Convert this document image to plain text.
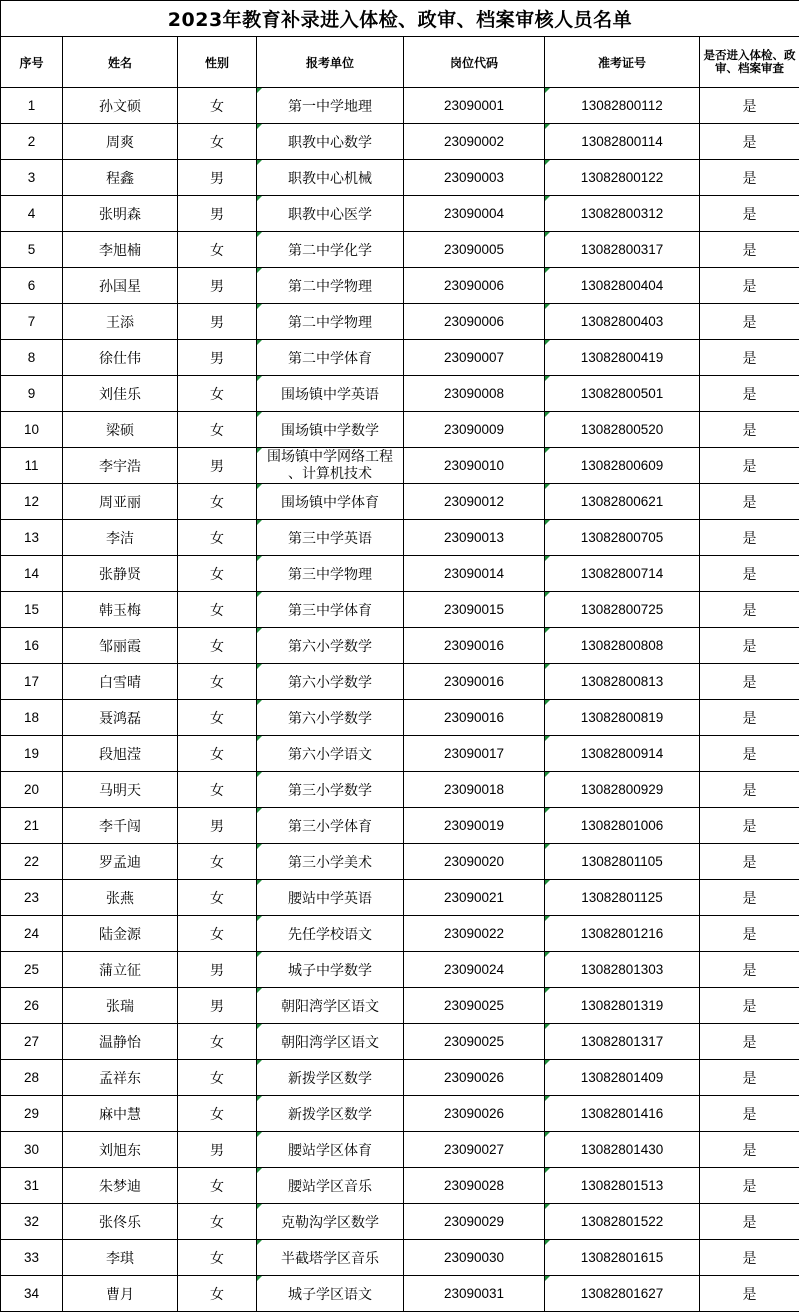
2023年教育补录进入体检、政审、档案审核人员名单						
序号	姓名	性别	报考单位	岗位代码	准考证号	是否进入体检、政审、档案审查
1	孙文硕	女	第一中学地理	23090001	13082800112	是
2	周爽	女	职教中心数学	23090002	13082800114	是
3	程鑫	男	职教中心机械	23090003	13082800122	是
4	张明森	男	职教中心医学	23090004	13082800312	是
5	李旭楠	女	第二中学化学	23090005	13082800317	是
6	孙国星	男	第二中学物理	23090006	13082800404	是
7	王添	男	第二中学物理	23090006	13082800403	是
8	徐仕伟	男	第二中学体育	23090007	13082800419	是
9	刘佳乐	女	围场镇中学英语	23090008	13082800501	是
10	梁硕	女	围场镇中学数学	23090009	13082800520	是
11	李宇浩	男	围场镇中学网络工程
、计算机技术	23090010	13082800609	是
12	周亚丽	女	围场镇中学体育	23090012	13082800621	是
13	李洁	女	第三中学英语	23090013	13082800705	是
14	张静贤	女	第三中学物理	23090014	13082800714	是
15	韩玉梅	女	第三中学体育	23090015	13082800725	是
16	邹丽霞	女	第六小学数学	23090016	13082800808	是
17	白雪晴	女	第六小学数学	23090016	13082800813	是
18	聂鸿磊	女	第六小学数学	23090016	13082800819	是
19	段旭滢	女	第六小学语文	23090017	13082800914	是
20	马明天	女	第三小学数学	23090018	13082800929	是
21	李千闯	男	第三小学体育	23090019	13082801006	是
22	罗孟迪	女	第三小学美术	23090020	13082801105	是
23	张燕	女	腰站中学英语	23090021	13082801125	是
24	陆金源	女	先任学校语文	23090022	13082801216	是
25	蒲立征	男	城子中学数学	23090024	13082801303	是
26	张瑞	男	朝阳湾学区语文	23090025	13082801319	是
27	温静怡	女	朝阳湾学区语文	23090025	13082801317	是
28	孟祥东	女	新拨学区数学	23090026	13082801409	是
29	麻中慧	女	新拨学区数学	23090026	13082801416	是
30	刘旭东	男	腰站学区体育	23090027	13082801430	是
31	朱梦迪	女	腰站学区音乐	23090028	13082801513	是
32	张佟乐	女	克勒沟学区数学	23090029	13082801522	是
33	李琪	女	半截塔学区音乐	23090030	13082801615	是
34	曹月	女	城子学区语文	23090031	13082801627	是
